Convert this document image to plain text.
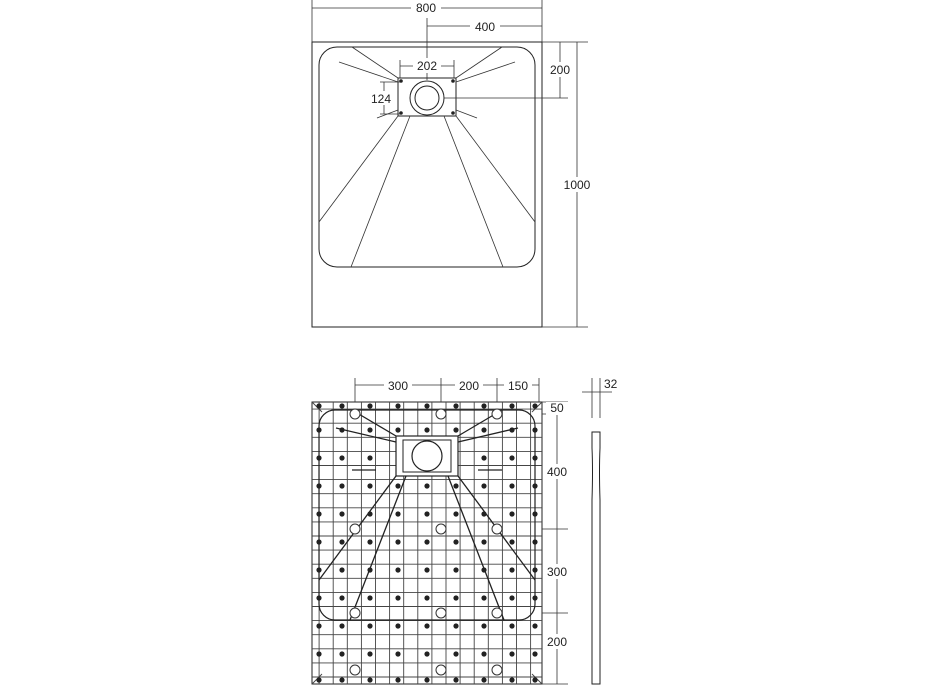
800
400
202
124
200
1000
300	200 150
50
400
300
200
32
